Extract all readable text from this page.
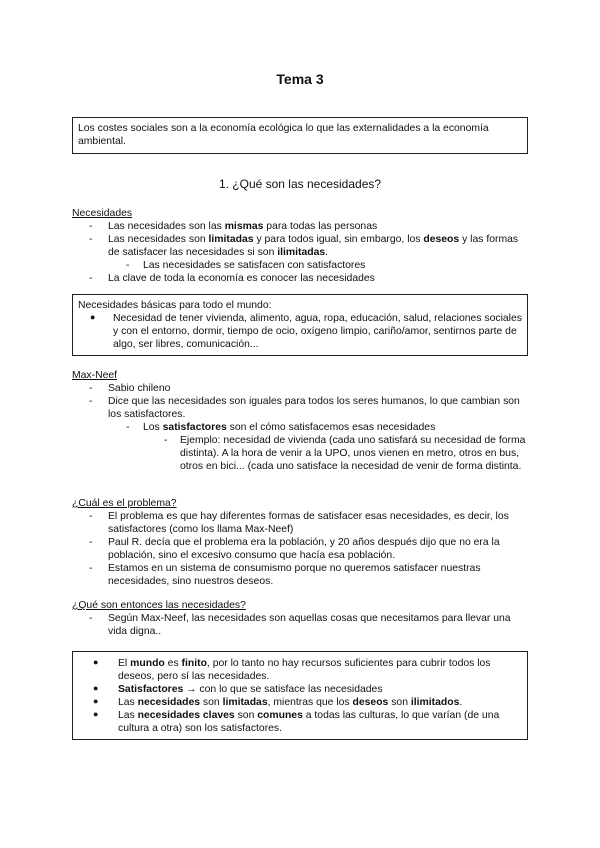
Tema 3
Los costes sociales son a la economía ecológica lo que las externalidades a la economía ambiental.
1. ¿Qué son las necesidades?
Necesidades
- Las necesidades son las mismas para todas las personas
- Las necesidades son limitadas y para todos igual, sin embargo, los deseos y las formas de satisfacer las necesidades si son ilimitadas.
- Las necesidades se satisfacen con satisfactores
- La clave de toda la economía es conocer las necesidades
Necesidades básicas para todo el mundo:
● Necesidad de tener vivienda, alimento, agua, ropa, educación, salud, relaciones sociales y con el entorno, dormir, tiempo de ocio, oxígeno limpio, cariño/amor, sentirnos parte de algo, ser libres, comunicación...
Max-Neef
- Sabio chileno
- Dice que las necesidades son iguales para todos los seres humanos, lo que cambian son los satisfactores.
- Los satisfactores son el cómo satisfacemos esas necesidades
- Ejemplo: necesidad de vivienda (cada uno satisfará su necesidad de forma distinta). A la hora de venir a la UPO, unos vienen en metro, otros en bus, otros en bici... (cada uno satisface la necesidad de venir de forma distinta.
¿Cuál es el problema?
- El problema es que hay diferentes formas de satisfacer esas necesidades, es decir, los satisfactores (como los llama Max-Neef)
- Paul R. decía que el problema era la población, y 20 años después dijo que no era la población, sino el excesivo consumo que hacía esa población.
- Estamos en un sistema de consumismo porque no queremos satisfacer nuestras necesidades, sino nuestros deseos.
¿Qué son entonces las necesidades?
- Según Max-Neef, las necesidades son aquellas cosas que necesitamos para llevar una vida digna..
● El mundo es finito, por lo tanto no hay recursos suficientes para cubrir todos los deseos, pero sí las necesidades.
● Satisfactores → con lo que se satisface las necesidades
● Las necesidades son limitadas, mientras que los deseos son ilimitados.
● Las necesidades claves son comunes a todas las culturas, lo que varían (de una cultura a otra) son los satisfactores.
